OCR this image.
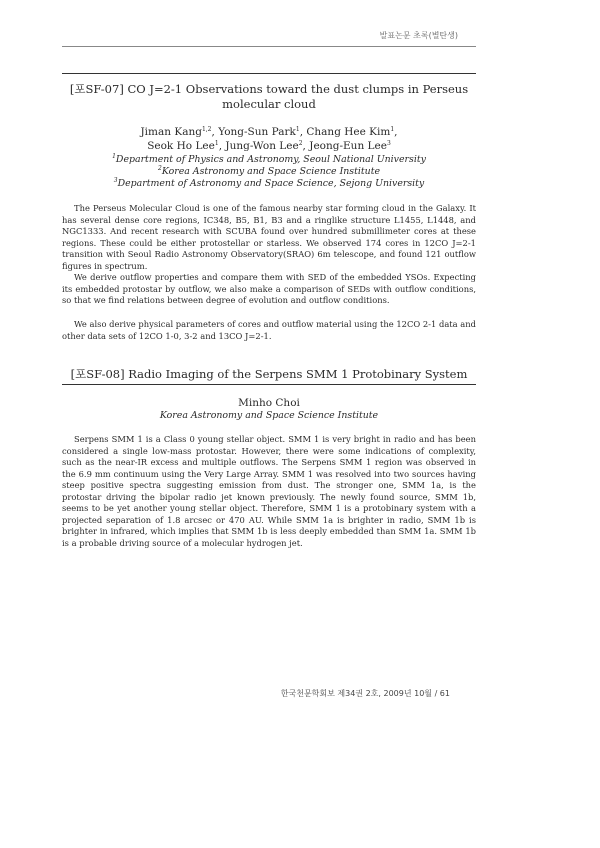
발표논문 초록(별탄생)
[포SF-07] CO J=2-1 Observations toward the dust clumps in Perseus
molecular cloud
Jiman Kang$^{1,2}$, Yong-Sun Park$^1$, Chang Hee Kim$^1$,
Seok Ho Lee$^1$, Jung-Won Lee$^2$, Jeong-Eun Lee$^3$
$^1$Department of Physics and Astronomy, Seoul National University
$^2$Korea Astronomy and Space Science Institute
$^3$Department of Astronomy and Space Science, Sejong University

The Perseus Molecular Cloud is one of the famous nearby star forming cloud in the Galaxy. It has several dense core regions, IC348, B5, B1, B3 and a ringlike structure L1455, L1448, and NGC1333. And recent research with SCUBA found over hundred submillimeter cores at these regions. These could be either protostellar or starless. We observed 174 cores in 12CO J=2-1 transition with Seoul Radio Astronomy Observatory(SRAO) 6m telescope, and found 121 outflow figures in spectrum.

We derive outflow properties and compare them with SED of the embedded YSOs. Expecting its embedded protostar by outflow, we also make a comparison of SEDs with outflow conditions, so that we find relations between degree of evolution and outflow conditions.

We also derive physical parameters of cores and outflow material using the 12CO 2-1 data and other data sets of 12CO 1-0, 3-2 and 13CO J=2-1.

[포SF-08] Radio Imaging of the Serpens SMM 1 Protobinary System
Minho Choi
Korea Astronomy and Space Science Institute

Serpens SMM 1 is a Class 0 young stellar object. SMM 1 is very bright in radio and has been considered a single low-mass protostar. However, there were some indications of complexity, such as the near-IR excess and multiple outflows. The Serpens SMM 1 region was observed in the 6.9 mm continuum using the Very Large Array. SMM 1 was resolved into two sources having steep positive spectra suggesting emission from dust. The stronger one, SMM 1a, is the protostar driving the bipolar radio jet known previously. The newly found source, SMM 1b, seems to be yet another young stellar object. Therefore, SMM 1 is a protobinary system with a projected separation of 1.8 arcsec or 470 AU. While SMM 1a is brighter in radio, SMM 1b is brighter in infrared, which implies that SMM 1b is less deeply embedded than SMM 1a. SMM 1b is a probable driving source of a molecular hydrogen jet.

한국천문학회보 제34권 2호, 2009년 10월 / 61
